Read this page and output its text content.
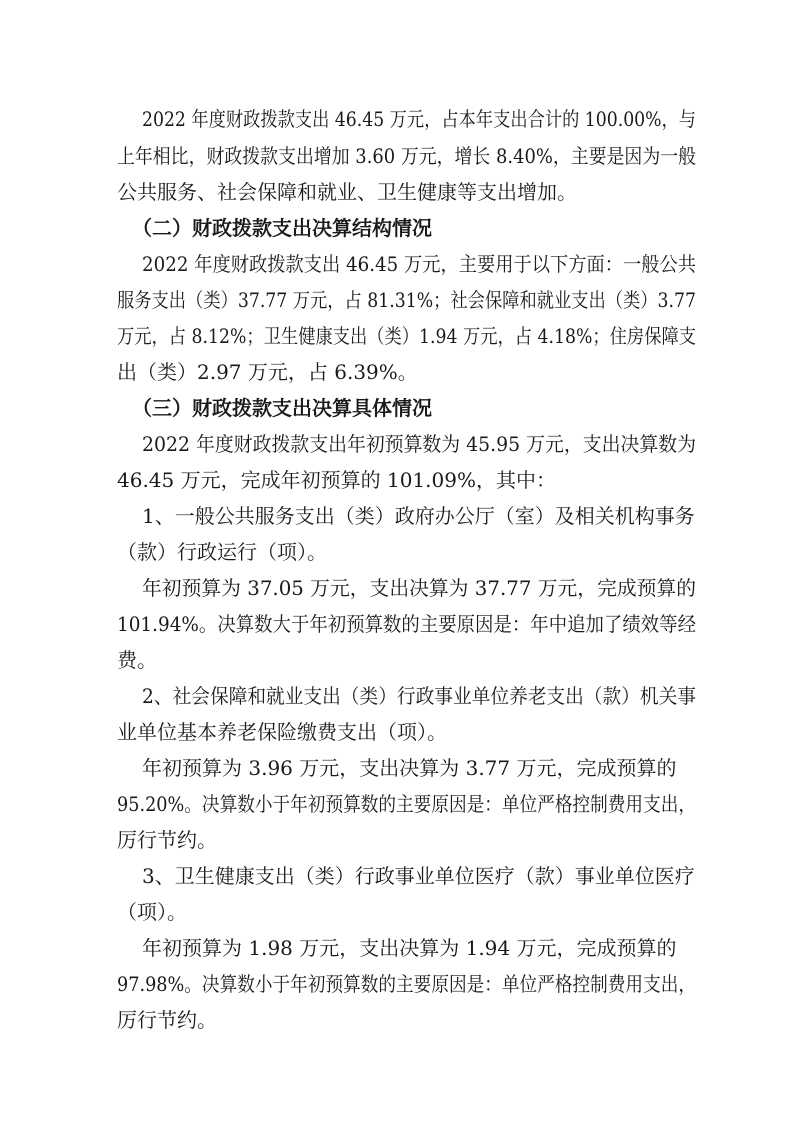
2022 年度财政拨款支出 46.45 万元，占本年支出合计的 100.00%，与
上年相比，财政拨款支出增加 3.60 万元，增长 8.40%，主要是因为一般
公共服务、社会保障和就业、卫生健康等支出增加。
（二）财政拨款支出决算结构情况
2022 年度财政拨款支出 46.45 万元，主要用于以下方面：一般公共
服务支出（类）37.77 万元，占 81.31%；社会保障和就业支出（类）3.77
万元，占 8.12%；卫生健康支出（类）1.94 万元，占 4.18%；住房保障支
出（类）2.97 万元，占 6.39%。
（三）财政拨款支出决算具体情况
2022 年度财政拨款支出年初预算数为 45.95 万元，支出决算数为
46.45 万元，完成年初预算的 101.09%，其中：
1、一般公共服务支出（类）政府办公厅（室）及相关机构事务
（款）行政运行（项）。
年初预算为 37.05 万元，支出决算为 37.77 万元，完成预算的
101.94%。决算数大于年初预算数的主要原因是：年中追加了绩效等经
费。
2、社会保障和就业支出（类）行政事业单位养老支出（款）机关事
业单位基本养老保险缴费支出（项）。
年初预算为 3.96 万元，支出决算为 3.77 万元，完成预算的
95.20%。决算数小于年初预算数的主要原因是：单位严格控制费用支出，
厉行节约。
3、卫生健康支出（类）行政事业单位医疗（款）事业单位医疗
（项）。
年初预算为 1.98 万元，支出决算为 1.94 万元，完成预算的
97.98%。决算数小于年初预算数的主要原因是：单位严格控制费用支出，
厉行节约。
